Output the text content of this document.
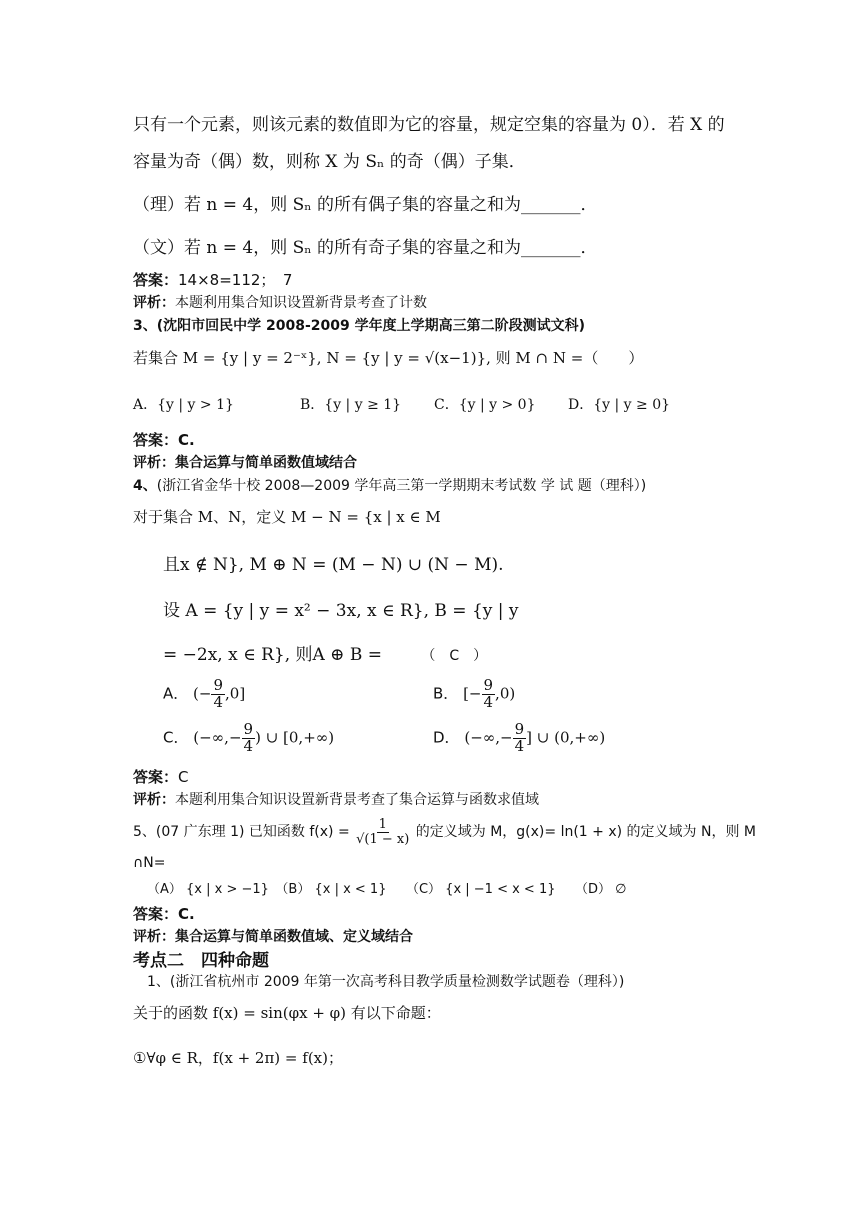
只有一个元素，则该元素的数值即为它的容量，规定空集的容量为 0）．若 X 的
容量为奇（偶）数，则称 X 为 Sₙ 的奇（偶）子集．
（理）若 n = 4，则 Sₙ 的所有偶子集的容量之和为_______．
（文）若 n = 4，则 Sₙ 的所有奇子集的容量之和为_______．
答案：14×8=112；　7
评析：本题利用集合知识设置新背景考查了计数
3、(沈阳市回民中学 2008-2009 学年度上学期高三第二阶段测试文科)
若集合 M = {y | y = 2⁻ˣ}, N = {y | y = √(x−1)}, 则 M ∩ N =（　　）
A．{y | y > 1}	B．{y | y ≥ 1} C．{y | y > 0} D．{y | y ≥ 0}
答案：C.
评析：集合运算与简单函数值域结合
4、(浙江省金华十校 2008—2009 学年高三第一学期期末考试数 学 试 题（理科）)
对于集合 M、N，定义 M − N = {x | x ∈ M
且x ∉ N}, M ⊕ N = (M − N) ∪ (N − M).
设 A = {y | y = x² − 3x, x ∈ R}, B = {y | y
= −2x, x ∈ R}, 则A ⊕ B =	（　C　）
A． (− $\frac{9}{4} ,0$]	B． [− $\frac{9}{4} ,0$)
C． (−∞,− $\frac{9}{4}$ ) ∪ [0,+∞)	D． (−∞,− $\frac{9}{4}$ ] ∪ (0,+∞)
答案：C
评析：本题利用集合知识设置新背景考查了集合运算与函数求值域
5、(07 广东理 1) 已知函数 $f(x) = \frac{1}{√(1 - x)}$ 的定义域为 M，g(x)= ln(1 + x) 的定义域为 N，则 M
∩N=
（A） {x | x > −1}　（B） {x | x < 1}　　（C） {x | −1 < x < 1}　　（D） ∅
答案：C.
评析：集合运算与简单函数值域、定义域结合
考点二　四种命题
1、(浙江省杭州市 2009 年第一次高考科目教学质量检测数学试题卷（理科）)
关于的函数 f(x) = sin(φx + φ) 有以下命题：
①∀φ ∈ R，f(x + 2π) = f(x)；
